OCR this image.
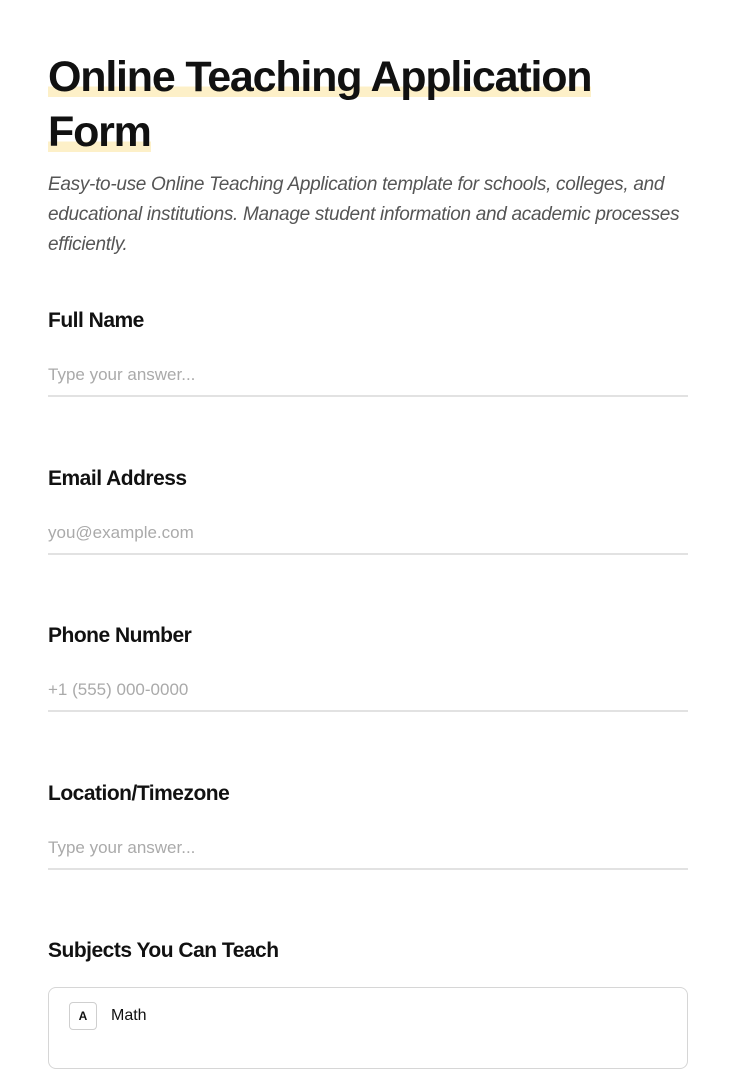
Online Teaching Application Form

Easy-to-use Online Teaching Application template for schools, colleges, and educational institutions. Manage student information and academic processes efficiently.

Full Name
Type your answer...
Email Address
you@example.com
Phone Number
+1 (555) 000-0000
Location/Timezone
Type your answer...
Subjects You Can Teach
A	Math
